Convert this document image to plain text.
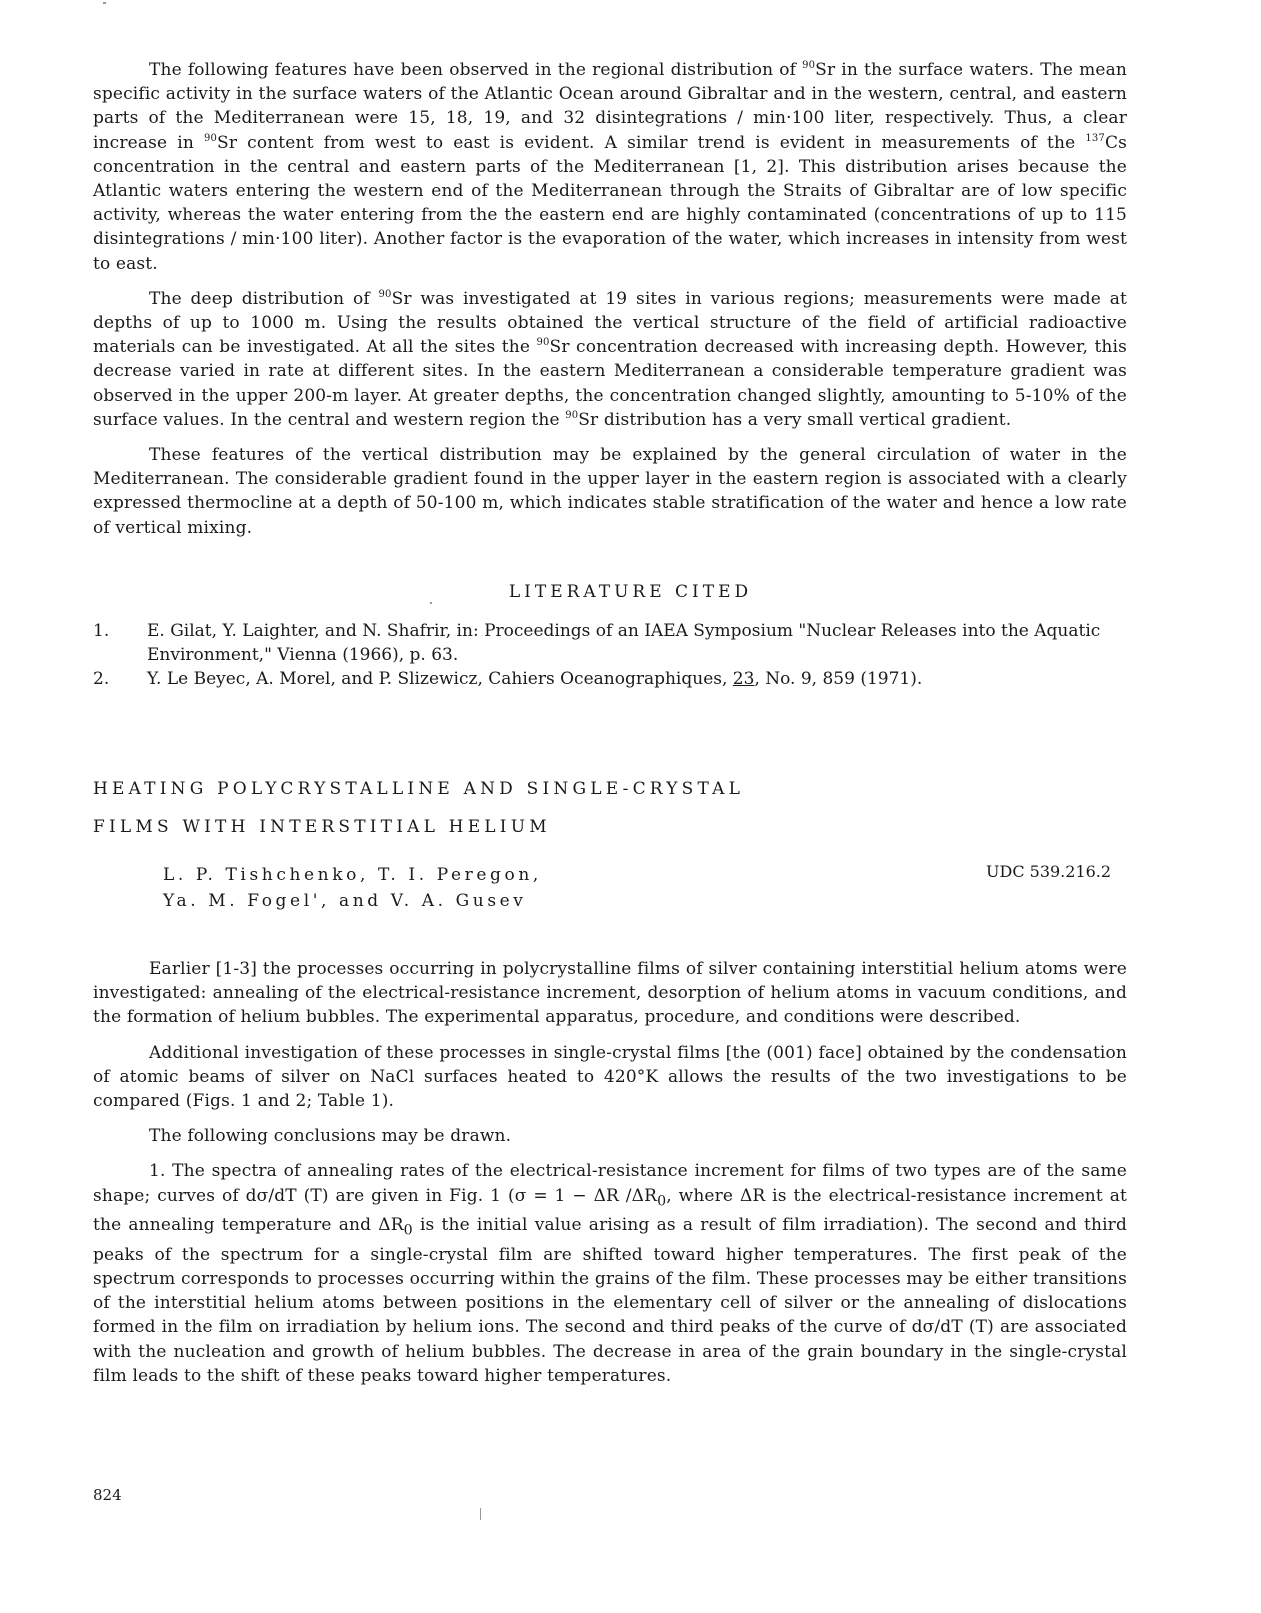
The following features have been observed in the regional distribution of $^{90}$Sr in the surface waters. The mean specific activity in the surface waters of the Atlantic Ocean around Gibraltar and in the western, central, and eastern parts of the Mediterranean were 15, 18, 19, and 32 disintegrations / min·100 liter, respectively. Thus, a clear increase in $^{90}$Sr content from west to east is evident. A similar trend is evident in measurements of the $^{137}$Cs concentration in the central and eastern parts of the Mediterranean [1, 2]. This distribution arises because the Atlantic waters entering the western end of the Mediterranean through the Straits of Gibraltar are of low specific activity, whereas the water entering from the the eastern end are highly contaminated (concentrations of up to 115 disintegrations / min·100 liter). Another factor is the evaporation of the water, which increases in intensity from west to east.

The deep distribution of $^{90}$Sr was investigated at 19 sites in various regions; measurements were made at depths of up to 1000 m. Using the results obtained the vertical structure of the field of artificial radioactive materials can be investigated. At all the sites the $^{90}$Sr concentration decreased with increasing depth. However, this decrease varied in rate at different sites. In the eastern Mediterranean a considerable temperature gradient was observed in the upper 200-m layer. At greater depths, the concentration changed slightly, amounting to 5-10% of the surface values. In the central and western region the $^{90}$Sr distribution has a very small vertical gradient.

These features of the vertical distribution may be explained by the general circulation of water in the Mediterranean. The considerable gradient found in the upper layer in the eastern region is associated with a clearly expressed thermocline at a depth of 50-100 m, which indicates stable stratification of the water and hence a low rate of vertical mixing.

LITERATURE CITED
1. E. Gilat, Y. Laighter, and N. Shafrir, in: Proceedings of an IAEA Symposium "Nuclear Releases into the Aquatic Environment," Vienna (1966), p. 63.
2. Y. Le Beyec, A. Morel, and P. Slizewicz, Cahiers Oceanographiques, 23, No. 9, 859 (1971).
HEATING POLYCRYSTALLINE AND SINGLE-CRYSTAL
FILMS WITH INTERSTITIAL HELIUM
L. P. Tishchenko, T. I. Peregon,
Ya. M. Fogel', and V. A. Gusev
UDC 539.216.2

Earlier [1-3] the processes occurring in polycrystalline films of silver containing interstitial helium atoms were investigated: annealing of the electrical-resistance increment, desorption of helium atoms in vacuum conditions, and the formation of helium bubbles. The experimental apparatus, procedure, and conditions were described.

Additional investigation of these processes in single-crystal films [the (001) face] obtained by the condensation of atomic beams of silver on NaCl surfaces heated to 420°K allows the results of the two investigations to be compared (Figs. 1 and 2; Table 1).

The following conclusions may be drawn.

1. The spectra of annealing rates of the electrical-resistance increment for films of two types are of the same shape; curves of dσ/dT (T) are given in Fig. 1 (σ = 1 − ΔR $/\Delta R_0$, where ΔR is the electrical-resistance increment at the annealing temperature and $\Delta R_0$ is the initial value arising as a result of film irradiation). The second and third peaks of the spectrum for a single-crystal film are shifted toward higher temperatures. The first peak of the spectrum corresponds to processes occurring within the grains of the film. These processes may be either transitions of the interstitial helium atoms between positions in the elementary cell of silver or the annealing of dislocations formed in the film on irradiation by helium ions. The second and third peaks of the curve of dσ/dT (T) are associated with the nucleation and growth of helium bubbles. The decrease in area of the grain boundary in the single-crystal film leads to the shift of these peaks toward higher temperatures.

824
